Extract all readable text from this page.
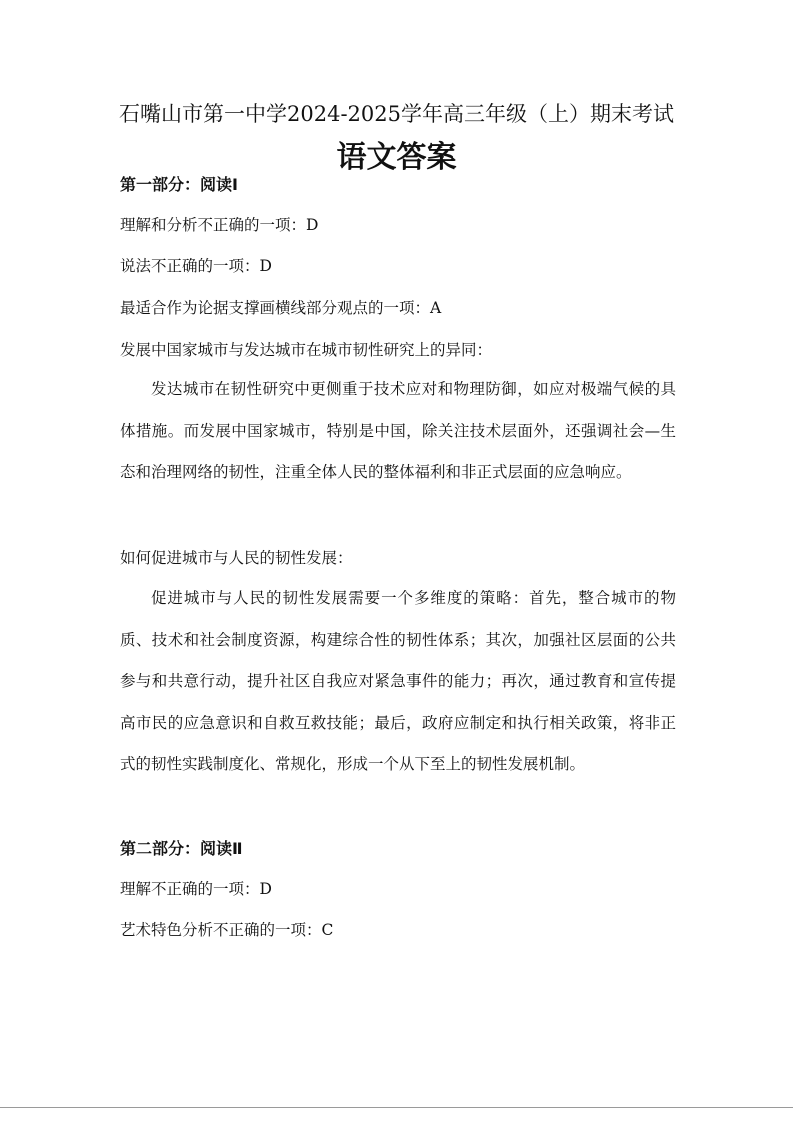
石嘴山市第一中学2024-2025学年高三年级（上）期末考试
语文答案
第一部分：阅读I
理解和分析不正确的一项：D
说法不正确的一项：D
最适合作为论据支撑画横线部分观点的一项：A
发展中国家城市与发达城市在城市韧性研究上的异同：
发达城市在韧性研究中更侧重于技术应对和物理防御，如应对极端气候的具体措施。而发展中国家城市，特别是中国，除关注技术层面外，还强调社会—生态和治理网络的韧性，注重全体人民的整体福利和非正式层面的应急响应。
如何促进城市与人民的韧性发展：
促进城市与人民的韧性发展需要一个多维度的策略：首先，整合城市的物质、技术和社会制度资源，构建综合性的韧性体系；其次，加强社区层面的公共参与和共意行动，提升社区自我应对紧急事件的能力；再次，通过教育和宣传提高市民的应急意识和自救互救技能；最后，政府应制定和执行相关政策，将非正式的韧性实践制度化、常规化，形成一个从下至上的韧性发展机制。
第二部分：阅读Ⅱ
理解不正确的一项：D
艺术特色分析不正确的一项：C
